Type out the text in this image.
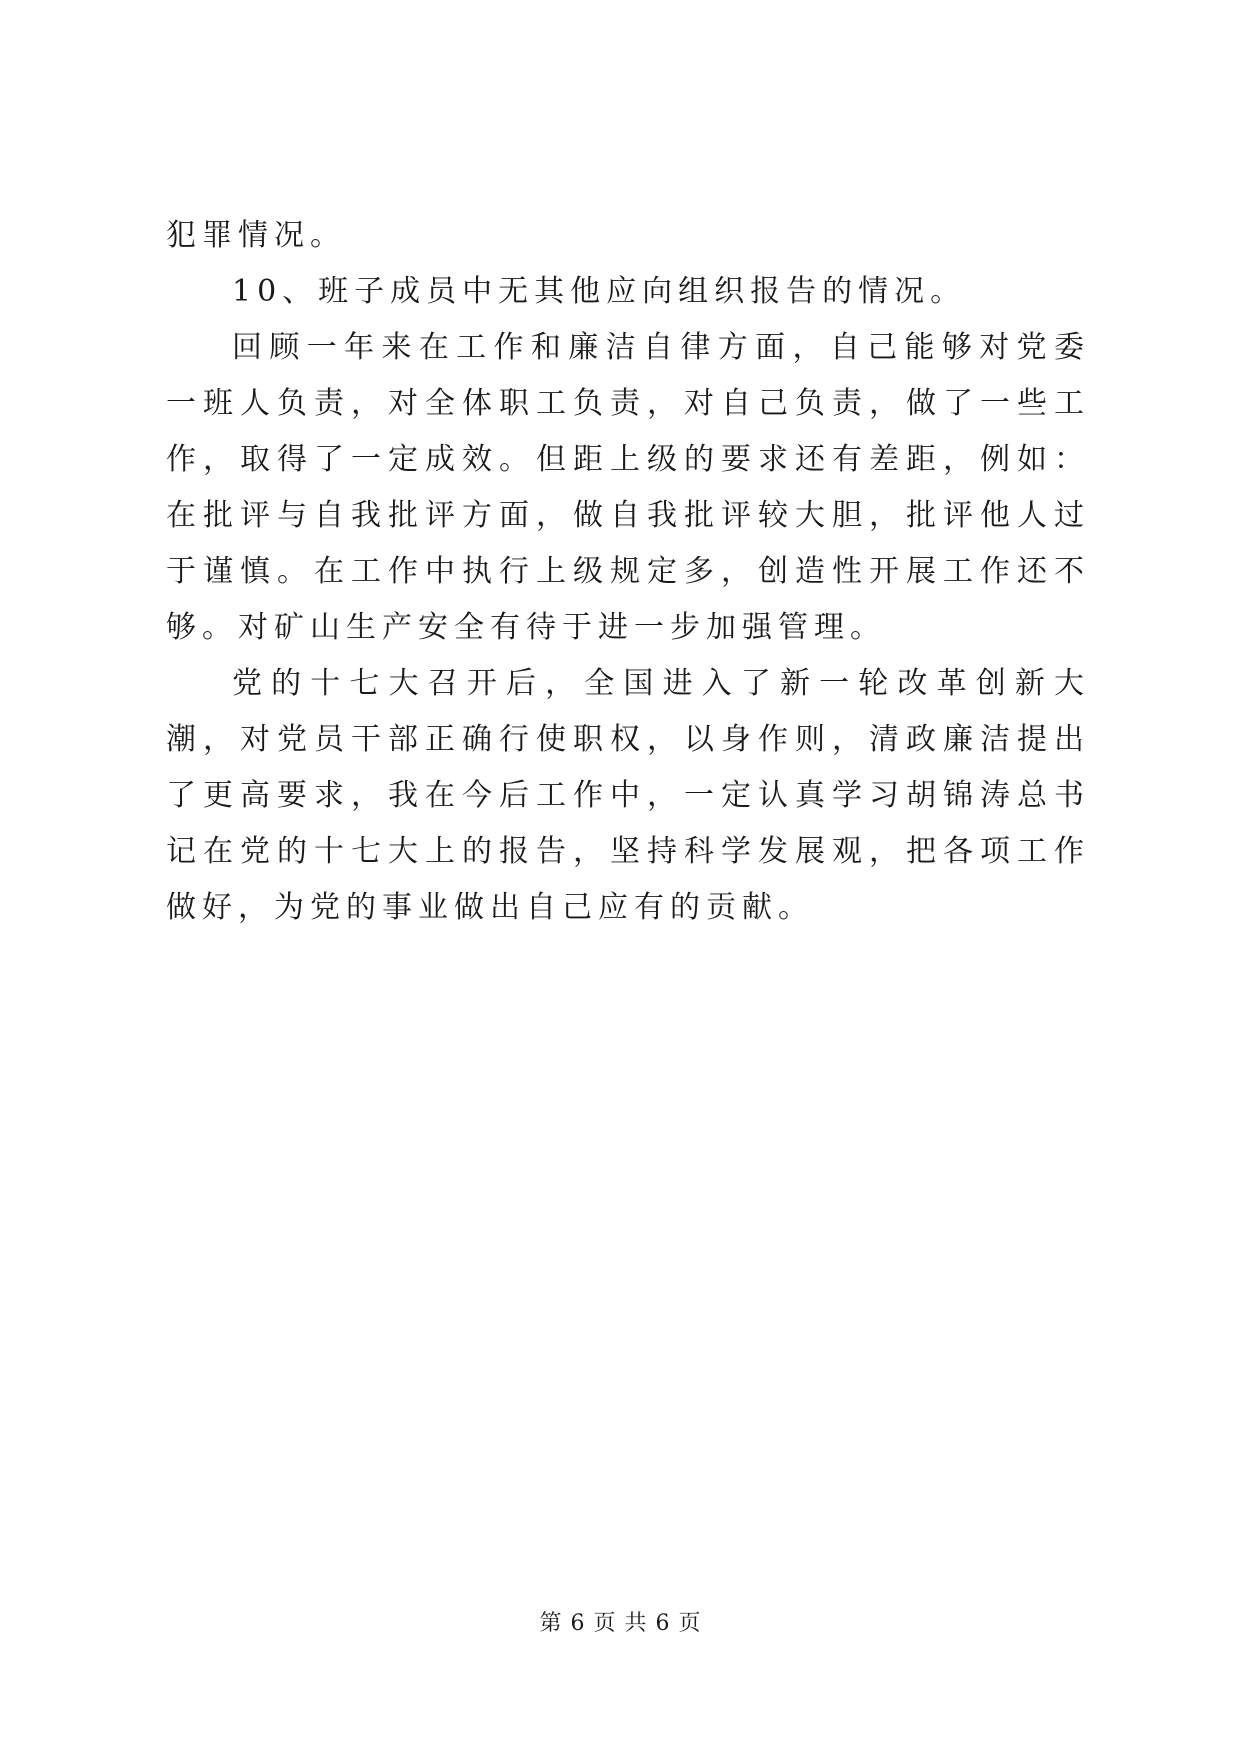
犯罪情况。

10、班子成员中无其他应向组织报告的情况。

回顾一年来在工作和廉洁自律方面，自己能够对党委一班人负责，对全体职工负责，对自己负责，做了一些工作，取得了一定成效。但距上级的要求还有差距，例如：在批评与自我批评方面，做自我批评较大胆，批评他人过于谨慎。在工作中执行上级规定多，创造性开展工作还不够。对矿山生产安全有待于进一步加强管理。

党的十七大召开后，全国进入了新一轮改革创新大潮，对党员干部正确行使职权，以身作则，清政廉洁提出了更高要求，我在今后工作中，一定认真学习胡锦涛总书记在党的十七大上的报告，坚持科学发展观，把各项工作做好，为党的事业做出自己应有的贡献。

第 6 页 共 6 页
